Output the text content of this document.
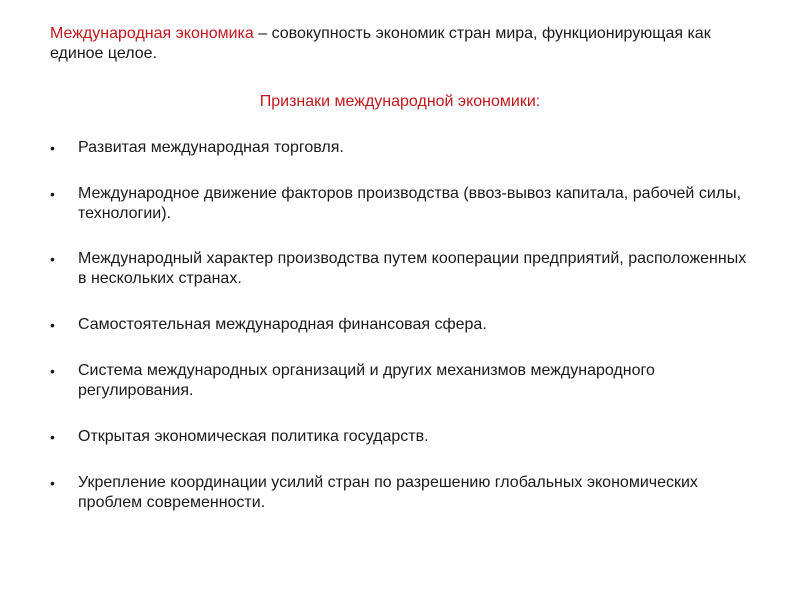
Международная экономика – совокупность экономик стран мира, функционирующая как единое целое.

Признаки международной экономики:

• Развитая международная торговля.
• Международное движение факторов производства (ввоз-вывоз капитала, рабочей силы, технологии).
• Международный характер производства путем кооперации предприятий, расположенных в нескольких странах.
• Самостоятельная международная финансовая сфера.
• Система международных организаций и других механизмов международного регулирования.
• Открытая экономическая политика государств.
• Укрепление координации усилий стран по разрешению глобальных экономических проблем современности.
